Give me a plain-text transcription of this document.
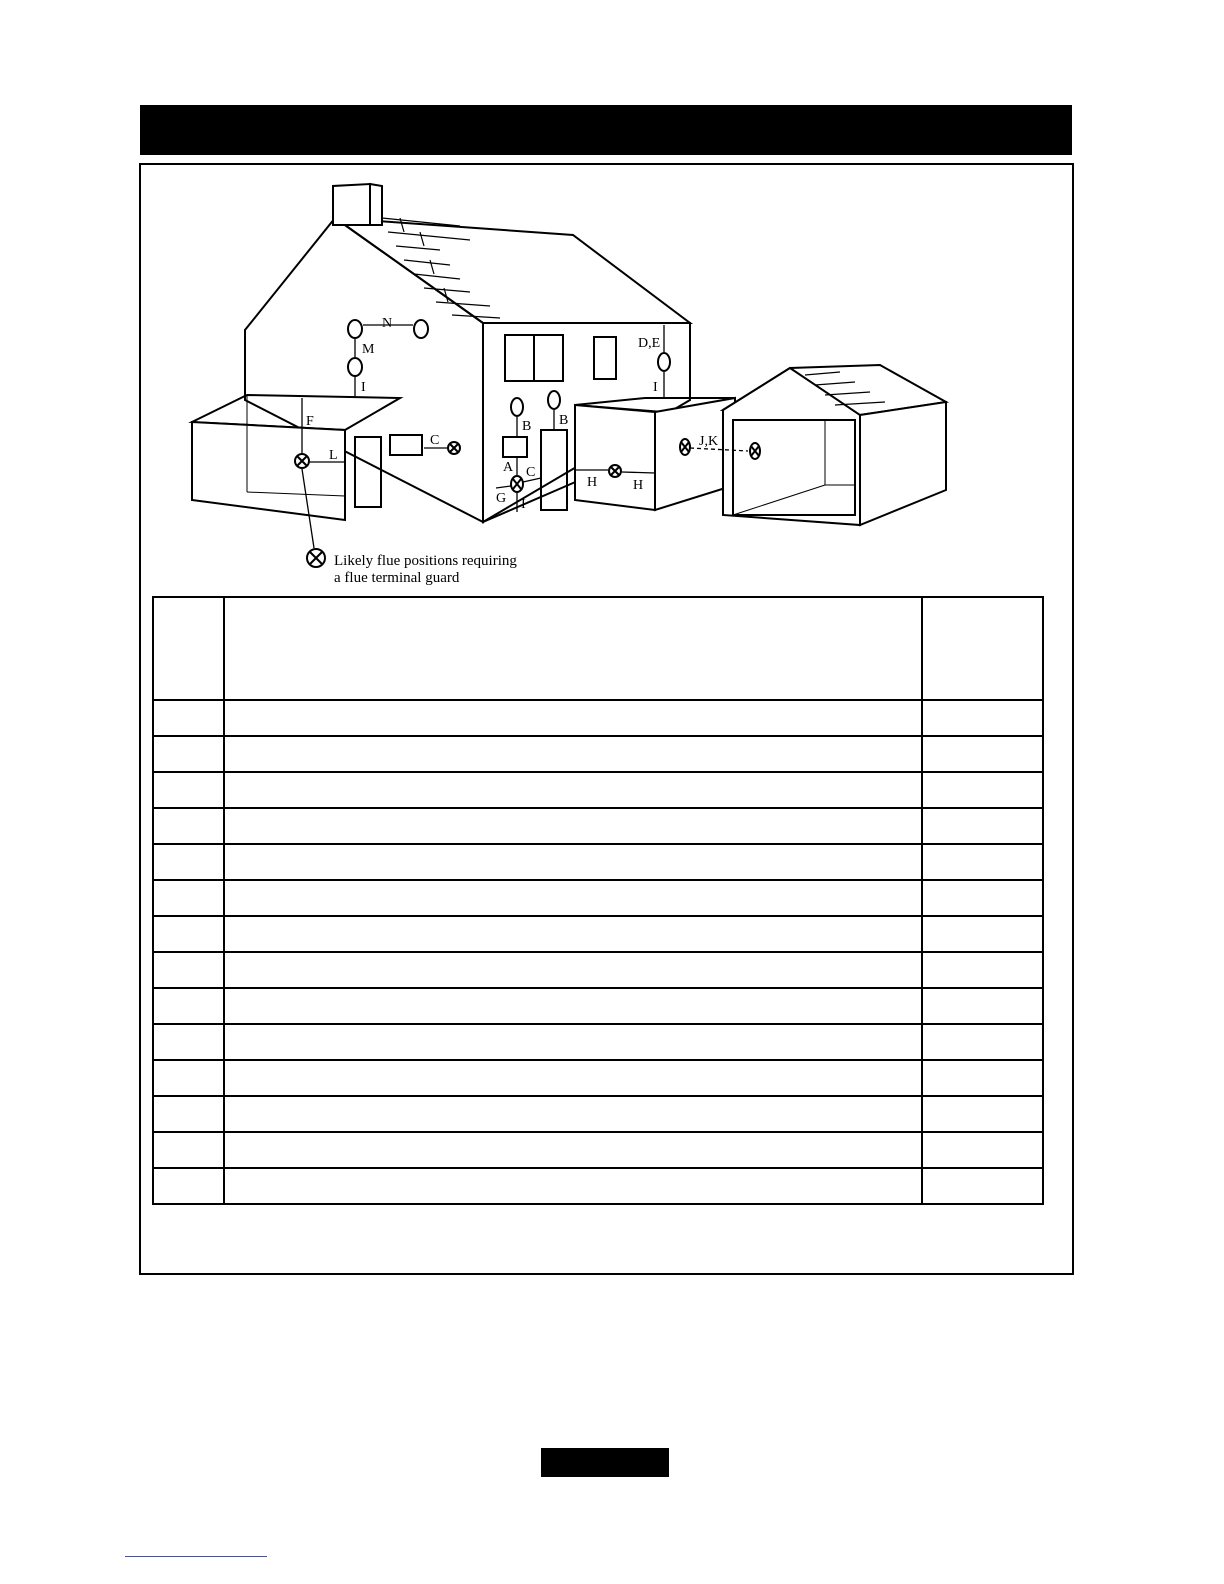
N
M
I
F
L
C
B B
A C
G I
D,E
I
H	H
J,K
Likely flue positions requiring
a flue terminal guard
